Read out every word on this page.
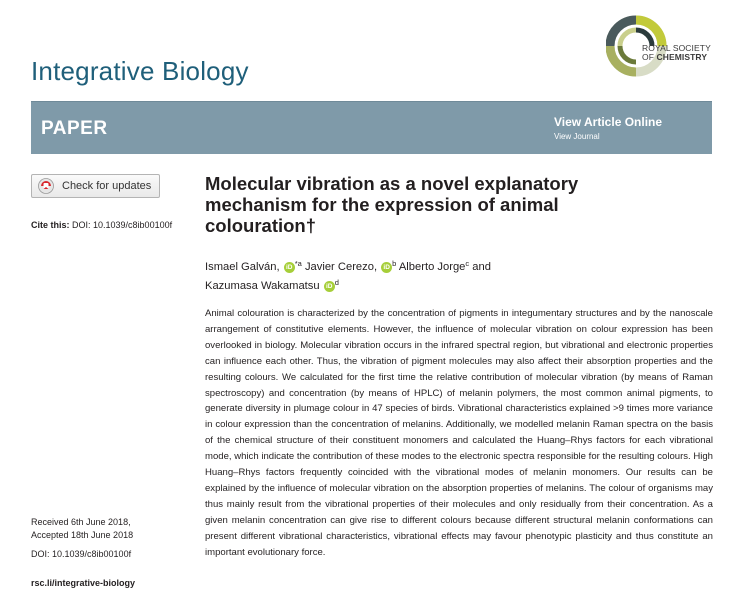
ROYAL SOCIETY
OF CHEMISTRY
Integrative Biology
PAPER	View Article Online
View Journal
Check for updates
Cite this: DOI: 10.1039/c8ib00100f
Molecular vibration as a novel explanatory mechanism for the expression of animal colouration†
Ismael Galván, iD $^{*a}$ Javier Cerezo, iD $^b$ Alberto Jorge$^c$ and
Kazumasa Wakamatsu iD $^d$
Animal colouration is characterized by the concentration of pigments in integumentary structures and by the nanoscale arrangement of constitutive elements. However, the influence of molecular vibration on colour expression has been overlooked in biology. Molecular vibration occurs in the infrared spectral region, but vibrational and electronic properties can influence each other. Thus, the vibration of pigment molecules may also affect their absorption properties and the resulting colours. We calculated for the first time the relative contribution of molecular vibration (by means of Raman spectroscopy) and concentration (by means of HPLC) of melanin polymers, the most common animal pigments, to generate diversity in plumage colour in 47 species of birds. Vibrational characteristics explained >9 times more variance in colour expression than the concentration of melanins. Additionally, we modelled melanin Raman spectra on the basis of the chemical structure of their constituent monomers and calculated the Huang–Rhys factors for each vibrational mode, which indicate the contribution of these modes to the electronic spectra responsible for the resulting colours. High Huang–Rhys factors frequently coincided with the vibrational modes of melanin monomers. Our results can be explained by the influence of molecular vibration on the absorption properties of melanins. The colour of organisms may thus mainly result from the vibrational properties of their molecules and only residually from their concentration. As a given melanin concentration can give rise to different colours because different structural melanin conformations can present different vibrational characteristics, vibrational effects may favour phenotypic plasticity and thus constitute an important evolutionary force.
Received 6th June 2018,
Accepted 18th June 2018
DOI: 10.1039/c8ib00100f
rsc.li/integrative-biology
